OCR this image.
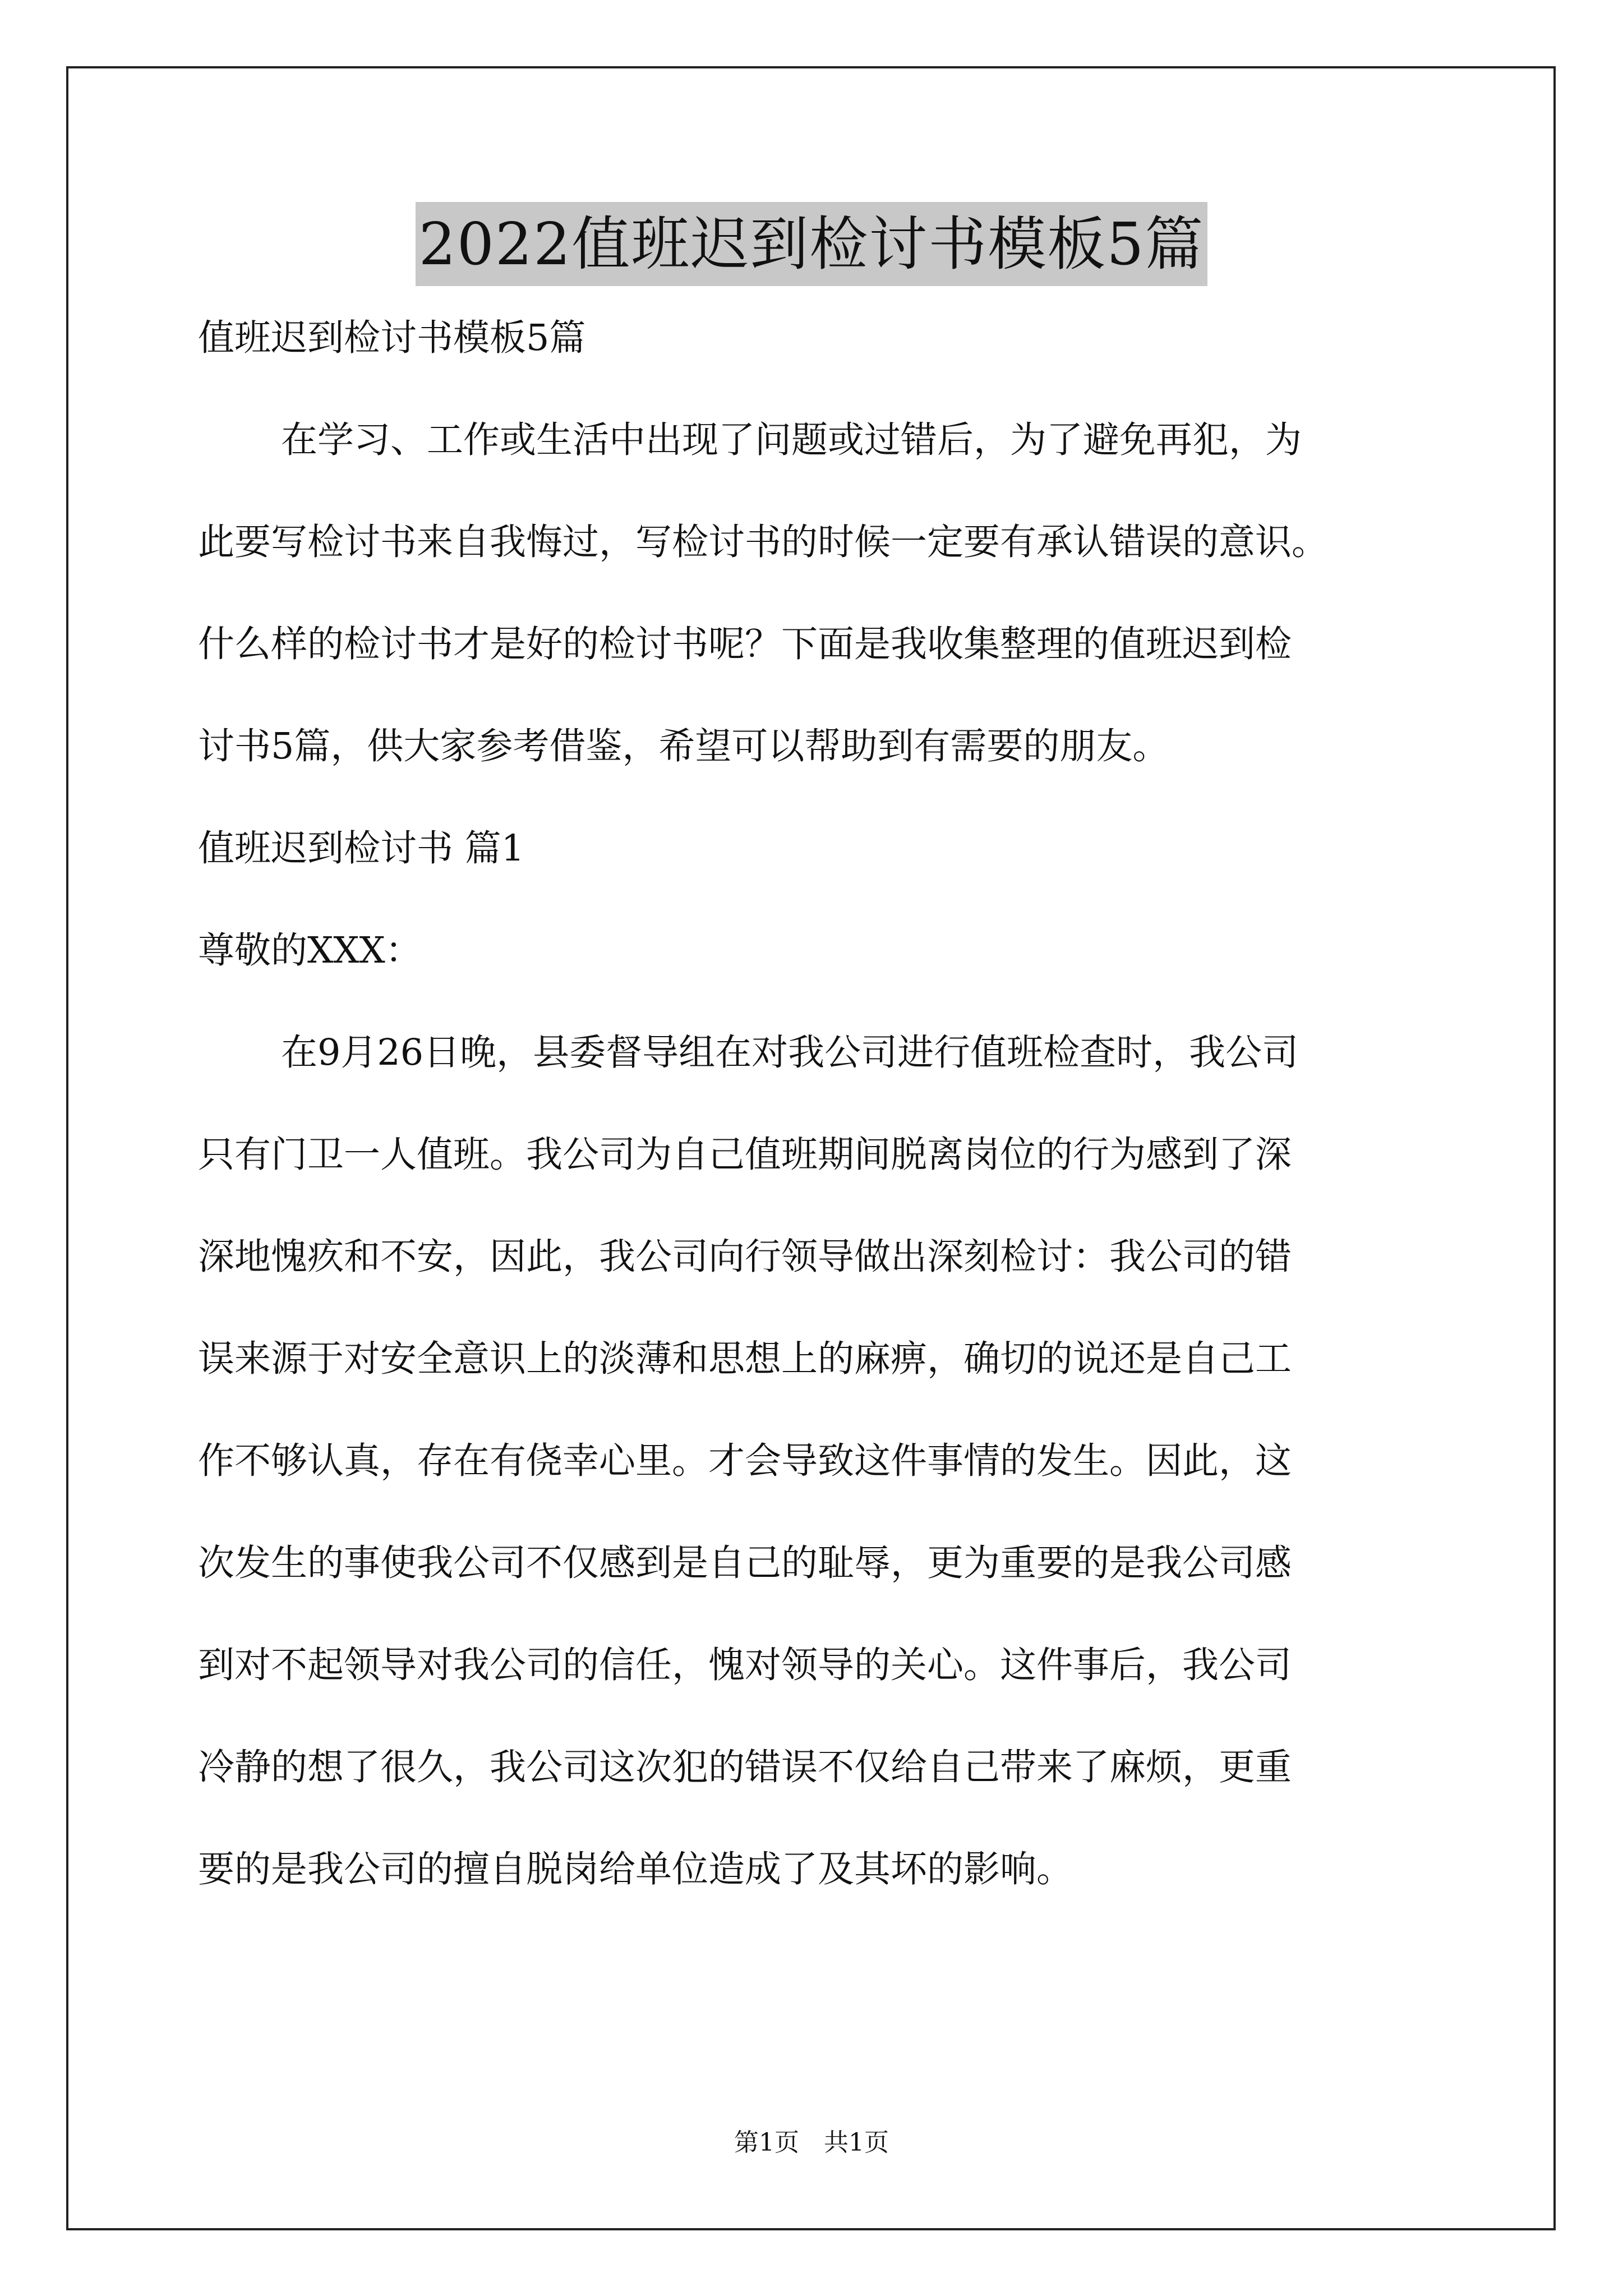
2022值班迟到检讨书模板5篇
值班迟到检讨书模板5篇
在学习、工作或生活中出现了问题或过错后，为了避免再犯，为
此要写检讨书来自我悔过，写检讨书的时候一定要有承认错误的意识。
什么样的检讨书才是好的检讨书呢？下面是我收集整理的值班迟到检
讨书5篇，供大家参考借鉴，希望可以帮助到有需要的朋友。
值班迟到检讨书 篇1
尊敬的XXX：
在9月26日晚，县委督导组在对我公司进行值班检查时，我公司
只有门卫一人值班。我公司为自己值班期间脱离岗位的行为感到了深
深地愧疚和不安，因此，我公司向行领导做出深刻检讨：我公司的错
误来源于对安全意识上的淡薄和思想上的麻痹，确切的说还是自己工
作不够认真，存在有侥幸心里。才会导致这件事情的发生。因此，这
次发生的事使我公司不仅感到是自己的耻辱，更为重要的是我公司感
到对不起领导对我公司的信任，愧对领导的关心。这件事后，我公司
冷静的想了很久，我公司这次犯的错误不仅给自己带来了麻烦，更重
要的是我公司的擅自脱岗给单位造成了及其坏的影响。
第1页　共1页
